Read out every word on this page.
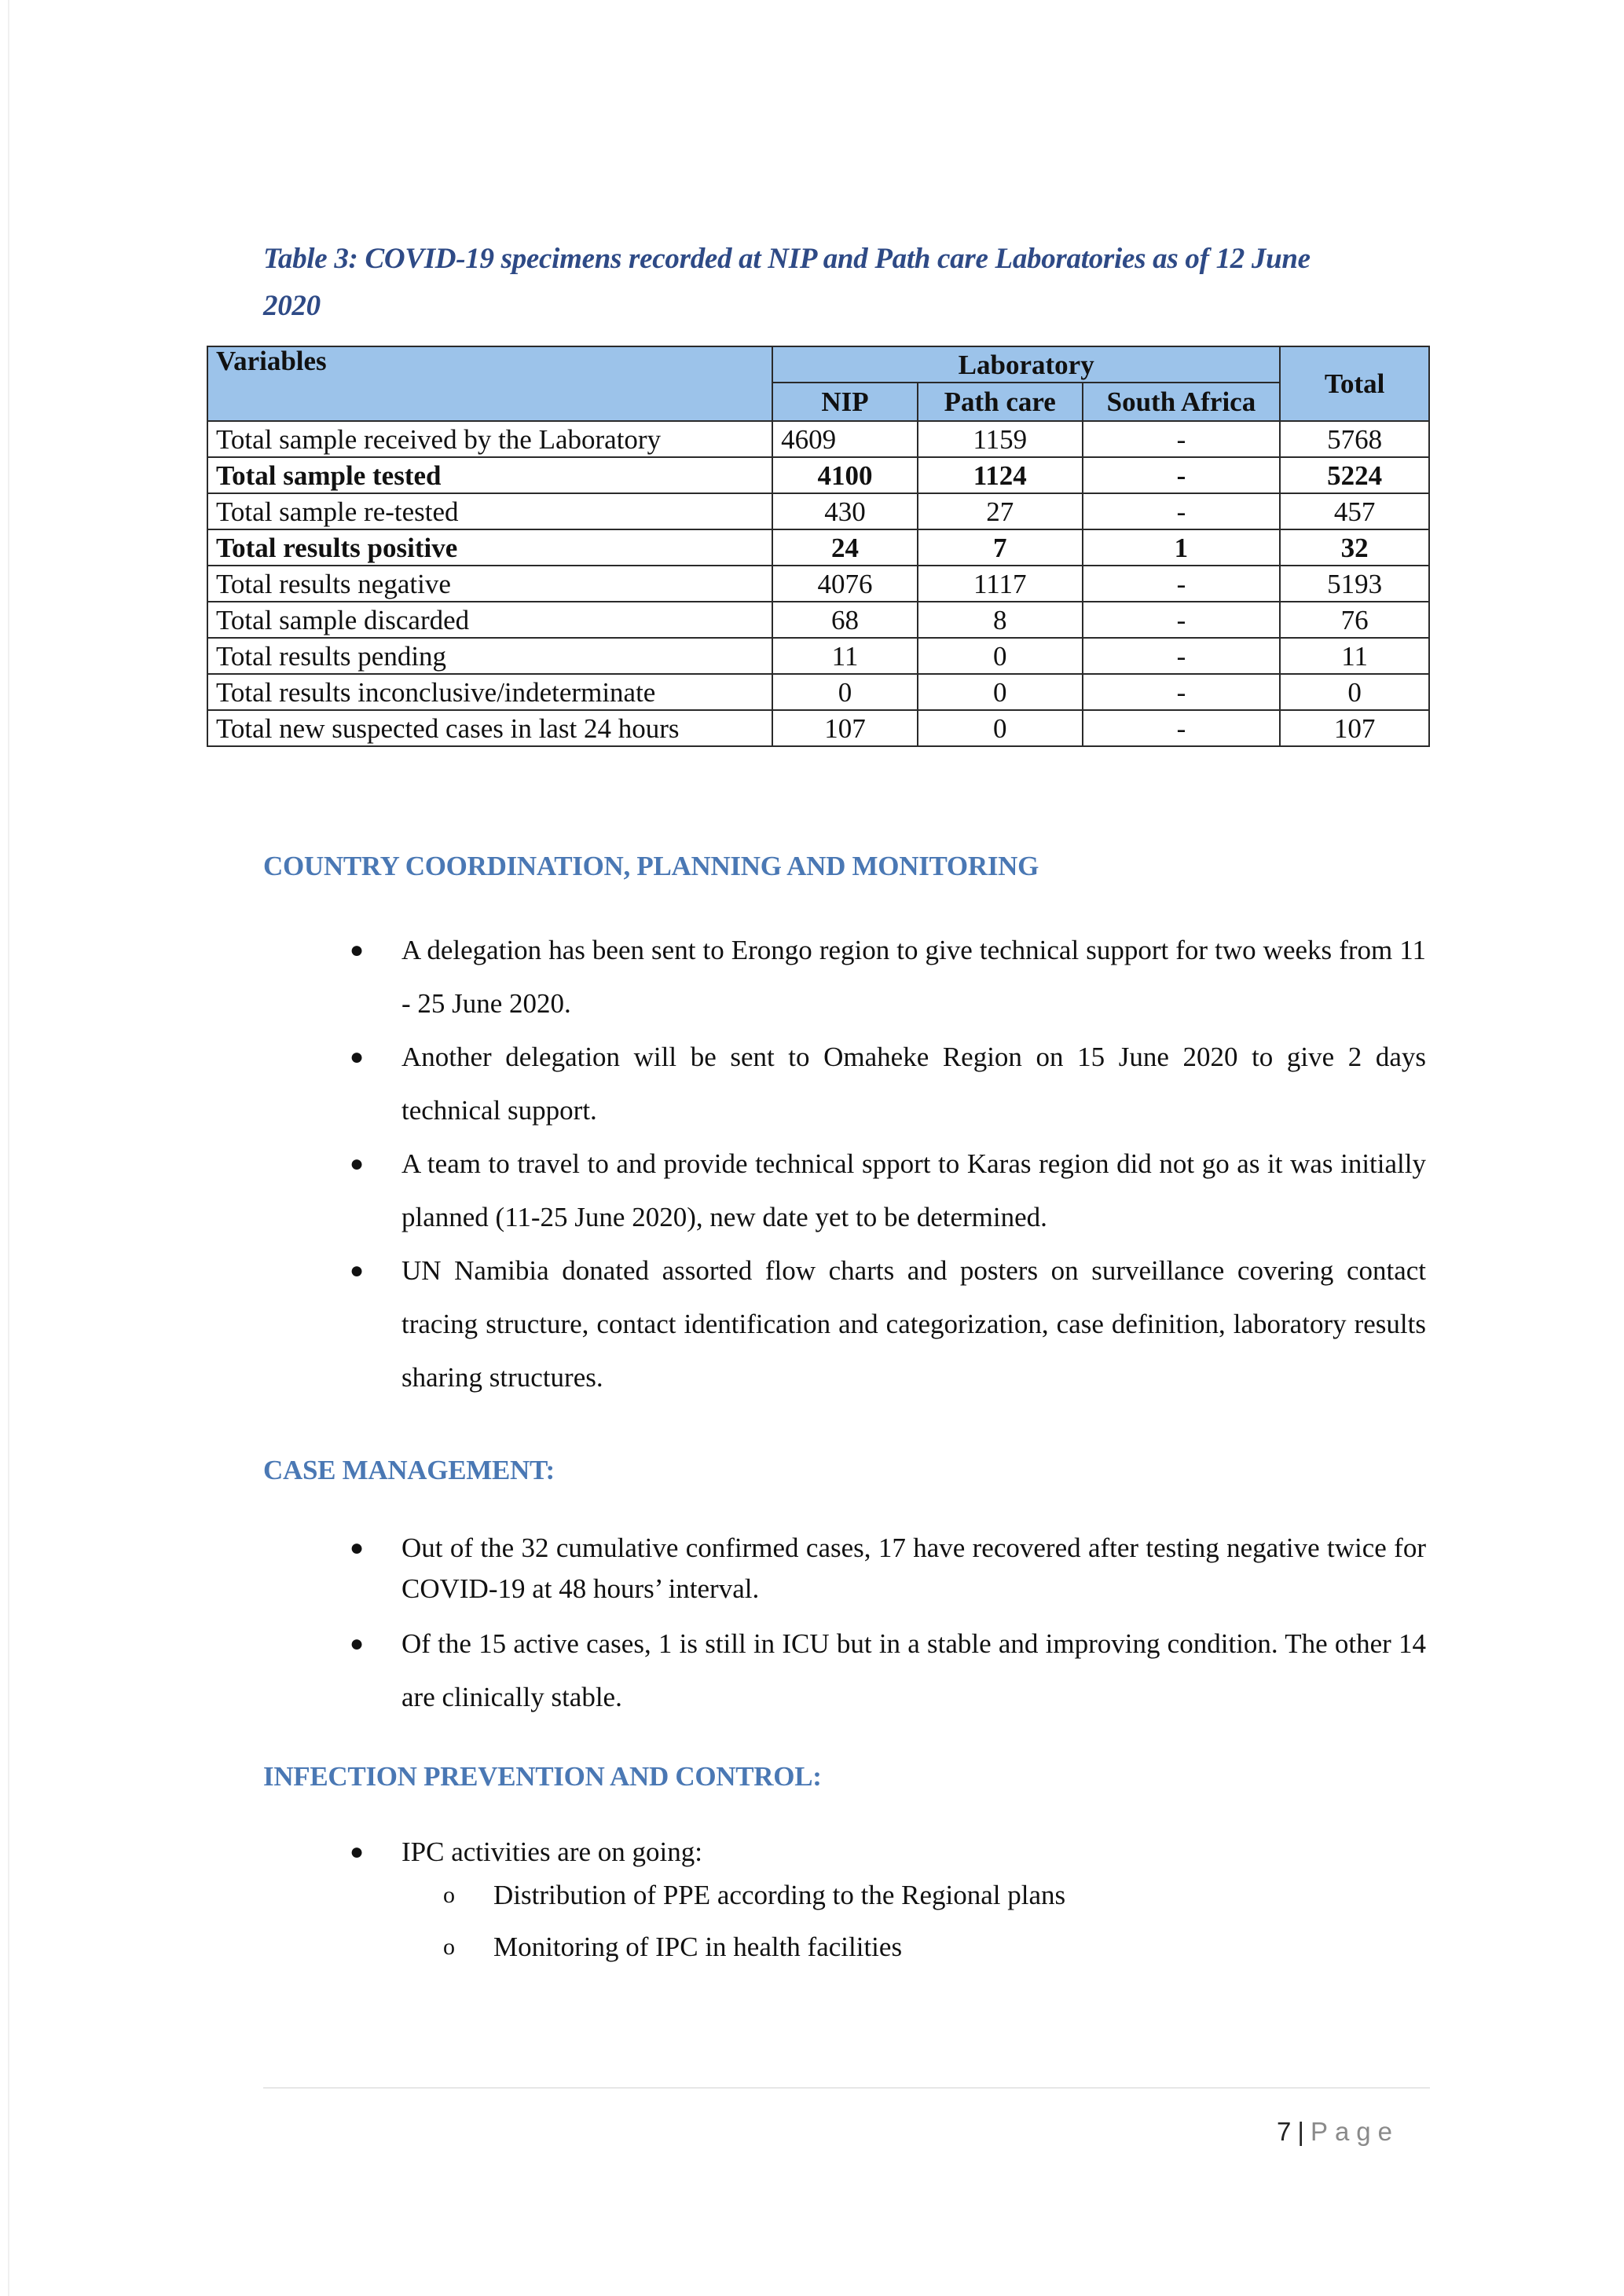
Table 3: COVID-19 specimens recorded at NIP and Path care Laboratories as of 12 June
2020
Variables	Laboratory			Total
	NIP	Path care	South Africa	
Total sample received by the Laboratory	4609	1159	-	5768
Total sample tested	4100	1124	-	5224
Total sample re-tested	430	27	-	457
Total results positive	24	7	1	32
Total results negative	4076	1117	-	5193
Total sample discarded	68	8	-	76
Total results pending	11	0	-	11
Total results inconclusive/indeterminate	0	0	-	0
Total new suspected cases in last 24 hours	107	0	-	107
COUNTRY COORDINATION, PLANNING AND MONITORING
● A delegation has been sent to Erongo region to give technical support for two weeks from 11 - 25 June 2020.
● Another delegation will be sent to Omaheke Region on 15 June 2020 to give 2 days technical support.
● A team to travel to and provide technical spport to Karas region did not go as it was initially planned (11-25 June 2020), new date yet to be determined.
● UN Namibia donated assorted flow charts and posters on surveillance covering contact tracing structure, contact identification and categorization, case definition, laboratory results sharing structures.
CASE MANAGEMENT:
● Out of the 32 cumulative confirmed cases, 17 have recovered after testing negative twice for COVID-19 at 48 hours’ interval.
● Of the 15 active cases, 1 is still in ICU but in a stable and improving condition. The other 14 are clinically stable.
INFECTION PREVENTION AND CONTROL:
● IPC activities are on going:
o Distribution of PPE according to the Regional plans
o Monitoring of IPC in health facilities
7 | Page
